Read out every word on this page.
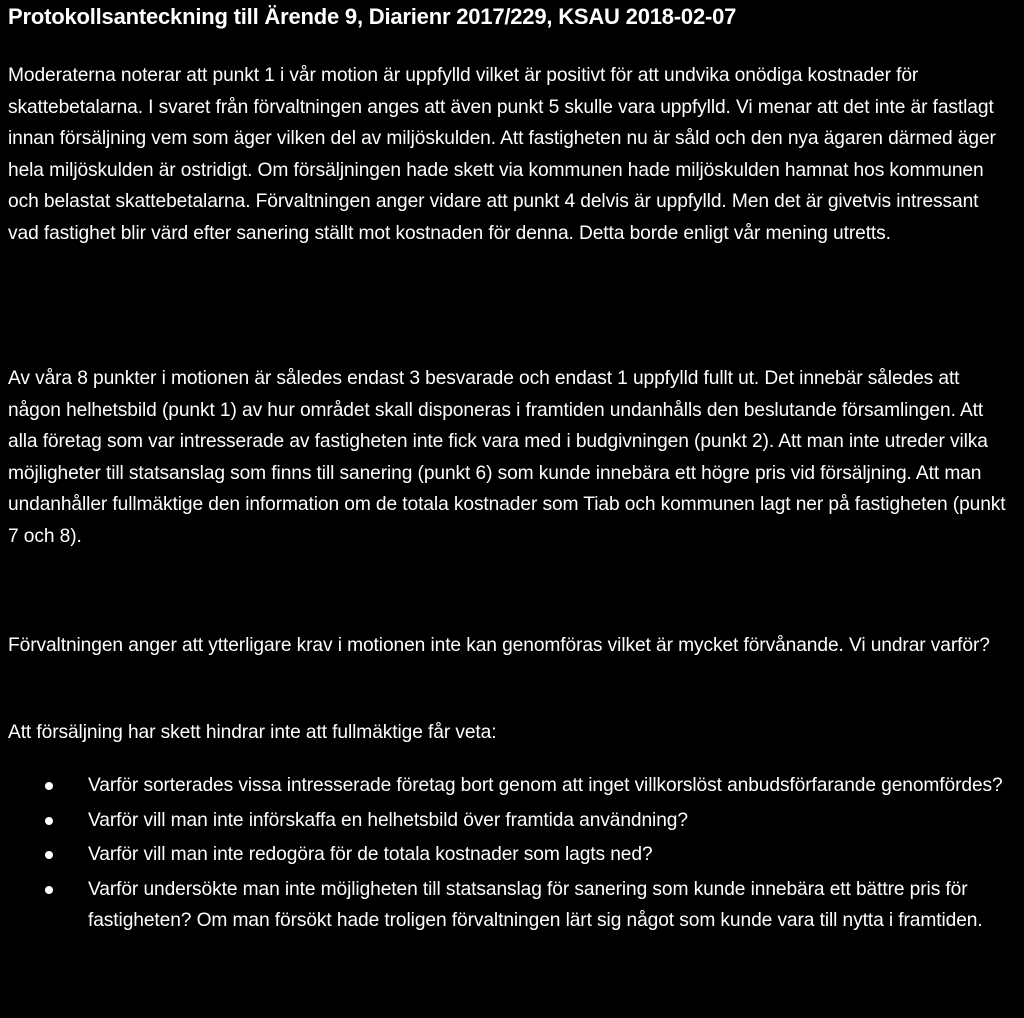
Protokollsanteckning till Ärende 9, Diarienr 2017/229, KSAU 2018-02-07

Moderaterna noterar att punkt 1 i vår motion är uppfylld vilket är positivt för att undvika onödiga kostnader för skattebetalarna. I svaret från förvaltningen anges att även punkt 5 skulle vara uppfylld. Vi menar att det inte är fastlagt innan försäljning vem som äger vilken del av miljöskulden. Att fastigheten nu är såld och den nya ägaren därmed äger hela miljöskulden är ostridigt. Om försäljningen hade skett via kommunen hade miljöskulden hamnat hos kommunen och belastat skattebetalarna. Förvaltningen anger vidare att punkt 4 delvis är uppfylld. Men det är givetvis intressant vad fastighet blir värd efter sanering ställt mot kostnaden för denna. Detta borde enligt vår mening utretts.

Av våra 8 punkter i motionen är således endast 3 besvarade och endast 1 uppfylld fullt ut. Det innebär således att någon helhetsbild (punkt 1) av hur området skall disponeras i framtiden undanhålls den beslutande församlingen. Att alla företag som var intresserade av fastigheten inte fick vara med i budgivningen (punkt 2). Att man inte utreder vilka möjligheter till statsanslag som finns till sanering (punkt 6) som kunde innebära ett högre pris vid försäljning. Att man undanhåller fullmäktige den information om de totala kostnader som Tiab och kommunen lagt ner på fastigheten (punkt 7 och 8).

Förvaltningen anger att ytterligare krav i motionen inte kan genomföras vilket är mycket förvånande. Vi undrar varför?

Att försäljning har skett hindrar inte att fullmäktige får veta:

Varför sorterades vissa intresserade företag bort genom att inget villkorslöst anbudsförfarande genomfördes?
Varför vill man inte införskaffa en helhetsbild över framtida användning?
Varför vill man inte redogöra för de totala kostnader som lagts ned?
Varför undersökte man inte möjligheten till statsanslag för sanering som kunde innebära ett bättre pris för fastigheten? Om man försökt hade troligen förvaltningen lärt sig något som kunde vara till nytta i framtiden.
